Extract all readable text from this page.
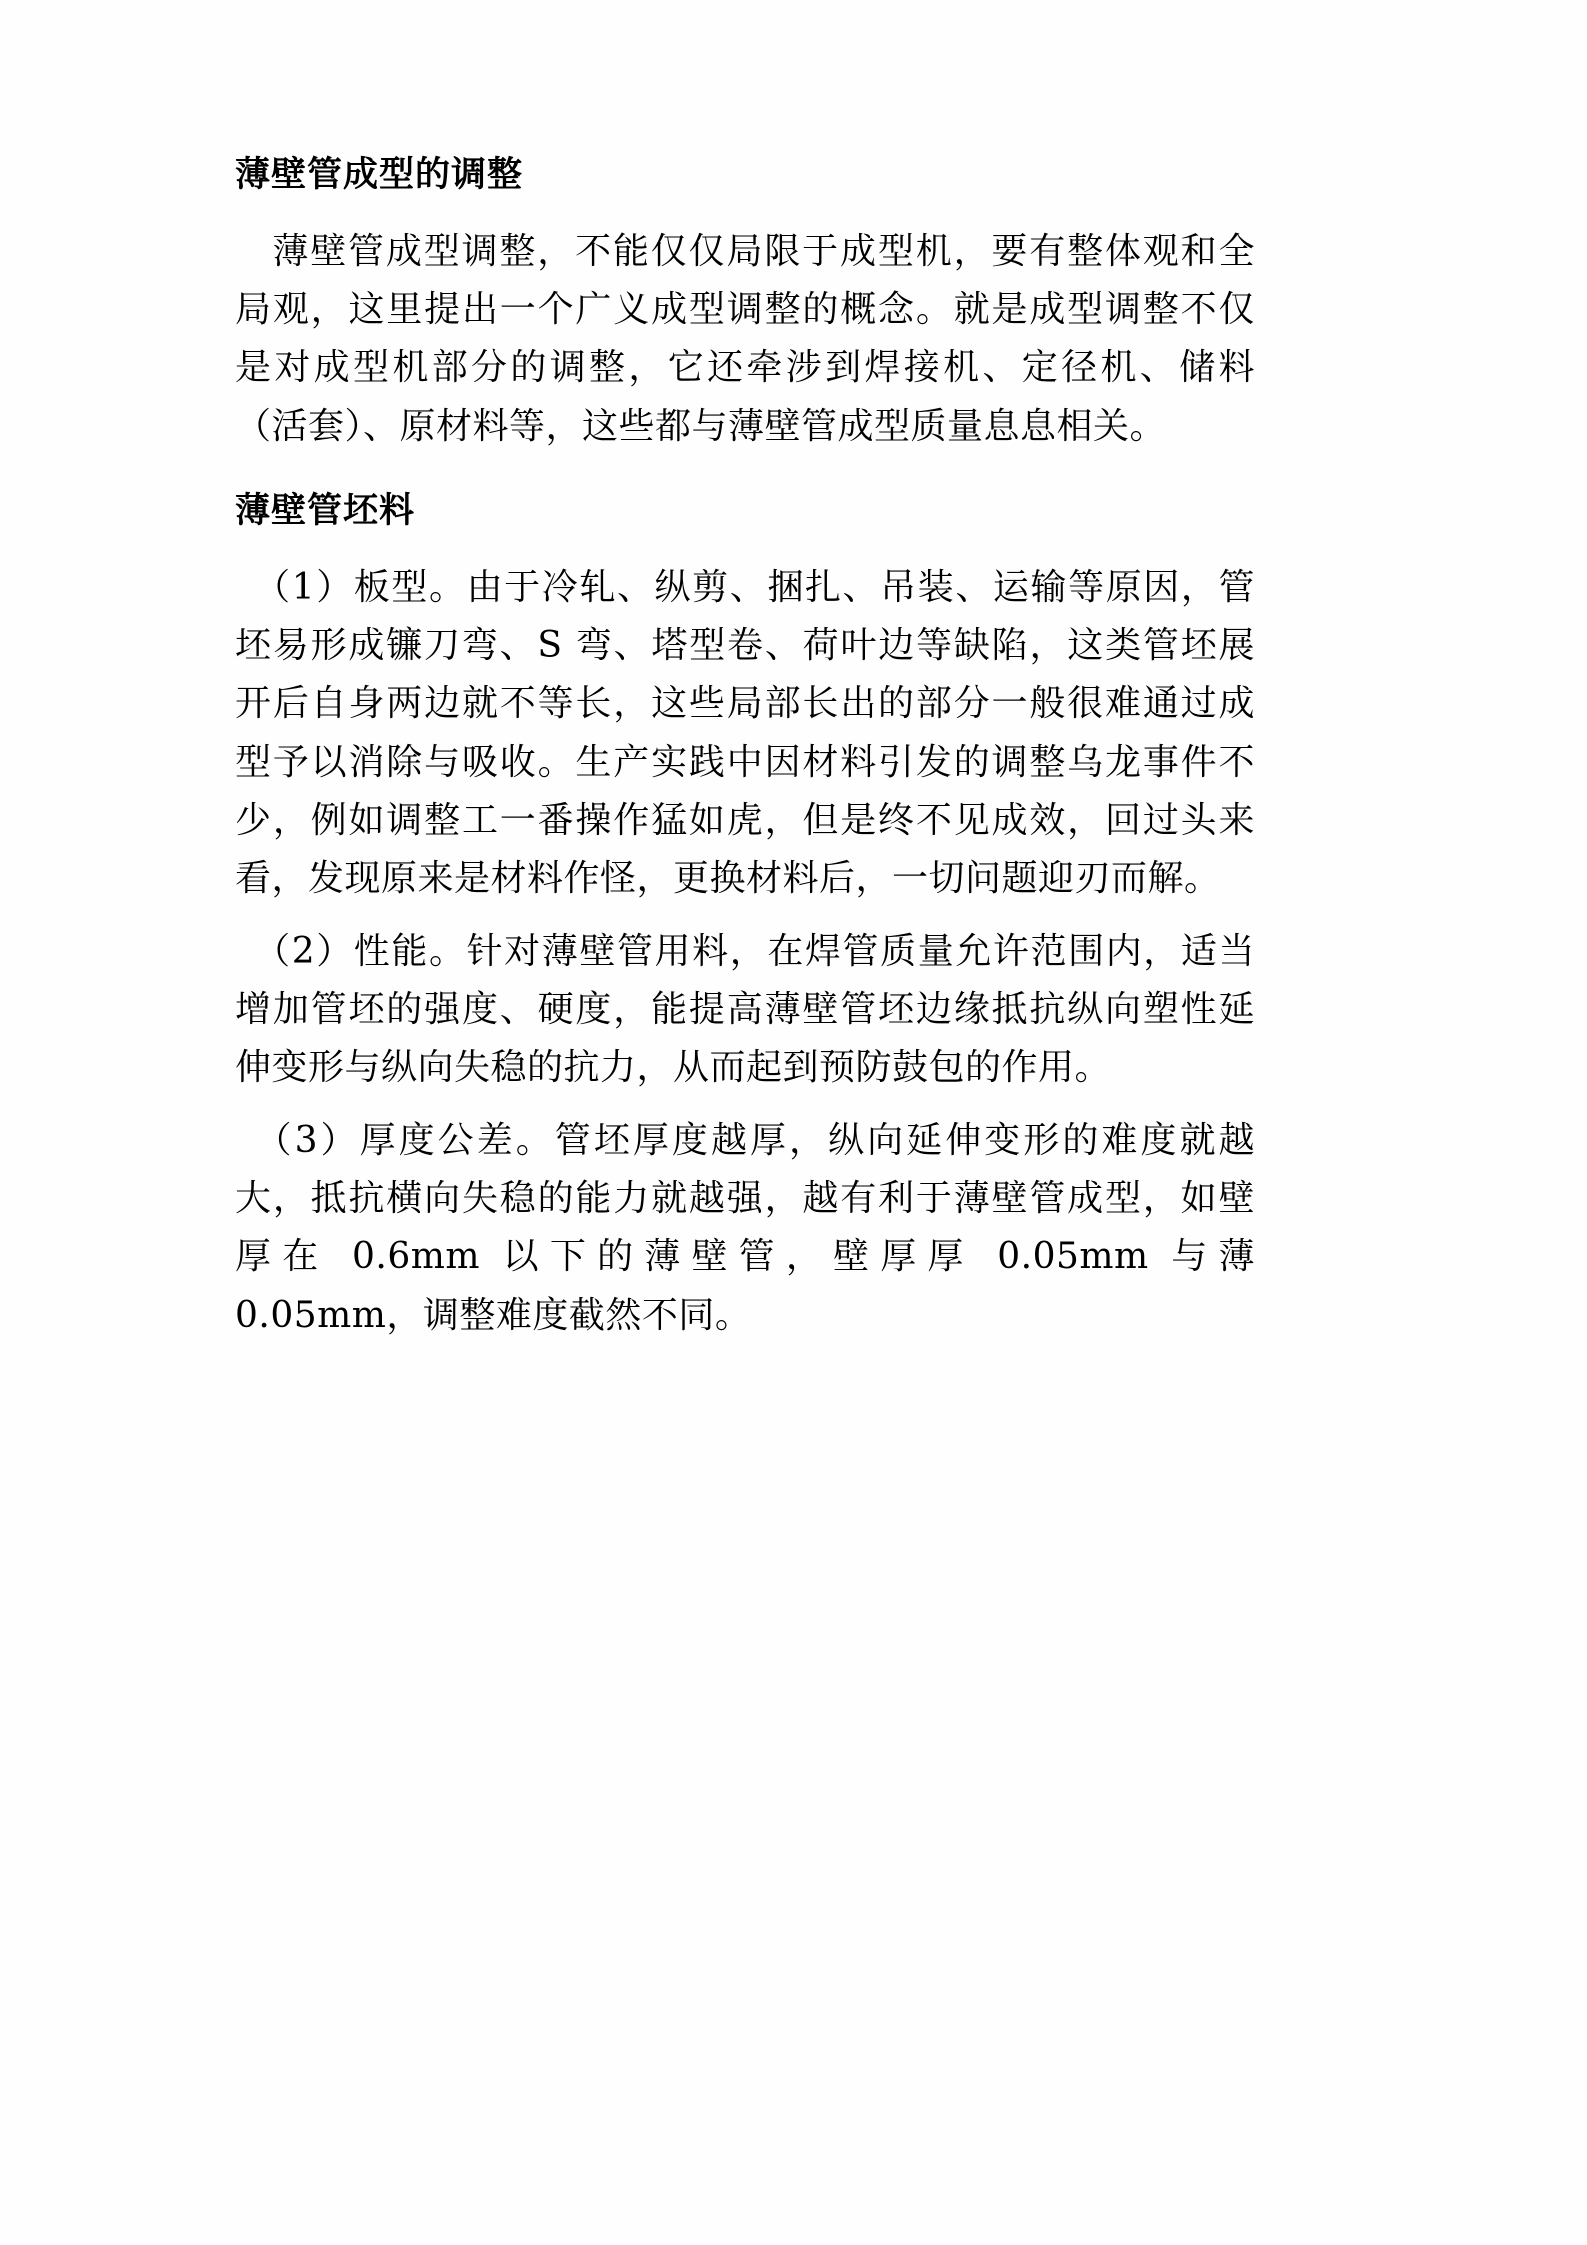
薄壁管成型的调整

薄壁管成型调整，不能仅仅局限于成型机，要有整体观和全局观，这里提出一个广义成型调整的概念。就是成型调整不仅是对成型机部分的调整，它还牵涉到焊接机、定径机、储料（活套）、原材料等，这些都与薄壁管成型质量息息相关。

薄壁管坯料

（1）板型。由于冷轧、纵剪、捆扎、吊装、运输等原因，管坯易形成镰刀弯、S 弯、塔型卷、荷叶边等缺陷，这类管坯展开后自身两边就不等长，这些局部长出的部分一般很难通过成型予以消除与吸收。生产实践中因材料引发的调整乌龙事件不少，例如调整工一番操作猛如虎，但是终不见成效，回过头来看，发现原来是材料作怪，更换材料后，一切问题迎刃而解。

（2）性能。针对薄壁管用料，在焊管质量允许范围内，适当增加管坯的强度、硬度，能提高薄壁管坯边缘抵抗纵向塑性延伸变形与纵向失稳的抗力，从而起到预防鼓包的作用。

（3）厚度公差。管坯厚度越厚，纵向延伸变形的难度就越大，抵抗横向失稳的能力就越强，越有利于薄壁管成型，如壁厚在 0.6mm 以下的薄壁管，壁厚厚 0.05mm 与薄 0.05mm，调整难度截然不同。
